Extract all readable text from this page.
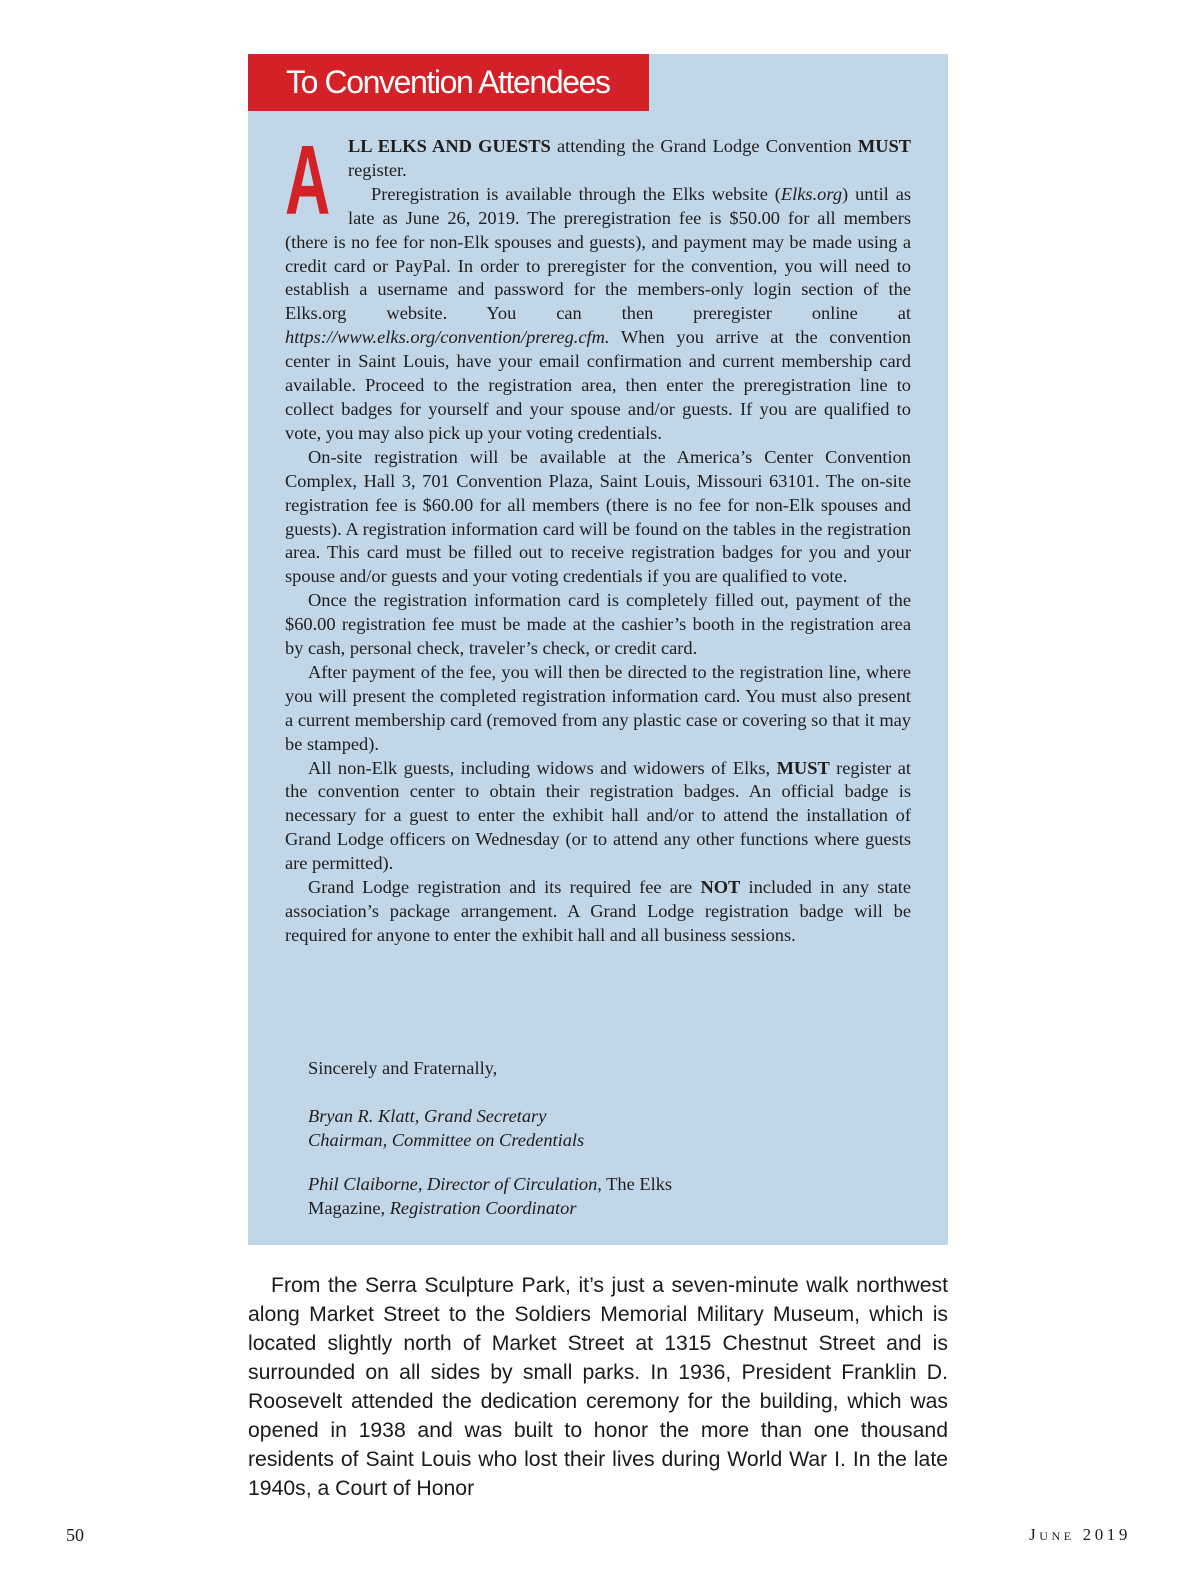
To Convention Attendees

ALL ELKS AND GUESTS attending the Grand Lodge Convention MUST register.

Preregistration is available through the Elks website (Elks.org) until as late as June 26, 2019. The preregistration fee is $50.00 for all members (there is no fee for non-Elk spouses and guests), and payment may be made using a credit card or PayPal. In order to preregister for the convention, you will need to establish a username and password for the members-only login section of the Elks.org website. You can then preregister online at https://www.elks.org/convention/prereg.cfm. When you arrive at the convention center in Saint Louis, have your email confirmation and current membership card available. Proceed to the registration area, then enter the preregistration line to collect badges for yourself and your spouse and/or guests. If you are qualified to vote, you may also pick up your voting credentials.

On-site registration will be available at the America’s Center Convention Complex, Hall 3, 701 Convention Plaza, Saint Louis, Missouri 63101. The on-site registration fee is $60.00 for all members (there is no fee for non-Elk spouses and guests). A registration information card will be found on the tables in the registration area. This card must be filled out to receive registration badges for you and your spouse and/or guests and your voting credentials if you are qualified to vote.

Once the registration information card is completely filled out, payment of the $60.00 registration fee must be made at the cashier’s booth in the registration area by cash, personal check, traveler’s check, or credit card.

After payment of the fee, you will then be directed to the registration line, where you will present the completed registration information card. You must also present a current membership card (removed from any plastic case or covering so that it may be stamped).

All non-Elk guests, including widows and widowers of Elks, MUST register at the convention center to obtain their registration badges. An official badge is necessary for a guest to enter the exhibit hall and/or to attend the installation of Grand Lodge officers on Wednesday (or to attend any other functions where guests are permitted).

Grand Lodge registration and its required fee are NOT included in any state association’s package arrangement. A Grand Lodge registration badge will be required for anyone to enter the exhibit hall and all business sessions.

Sincerely and Fraternally,
Bryan R. Klatt, Grand Secretary
Chairman, Committee on Credentials
Phil Claiborne, Director of Circulation, The Elks
Magazine, Registration Coordinator

From the Serra Sculpture Park, it’s just a seven-minute walk northwest along Market Street to the Soldiers Memorial Military Museum, which is located slightly north of Market Street at 1315 Chestnut Street and is surrounded on all sides by small parks. In 1936, President Franklin D. Roosevelt attended the dedication ceremony for the building, which was opened in 1938 and was built to honor the more than one thousand residents of Saint Louis who lost their lives during World War I. In the late 1940s, a Court of Honor

50	June 2019
